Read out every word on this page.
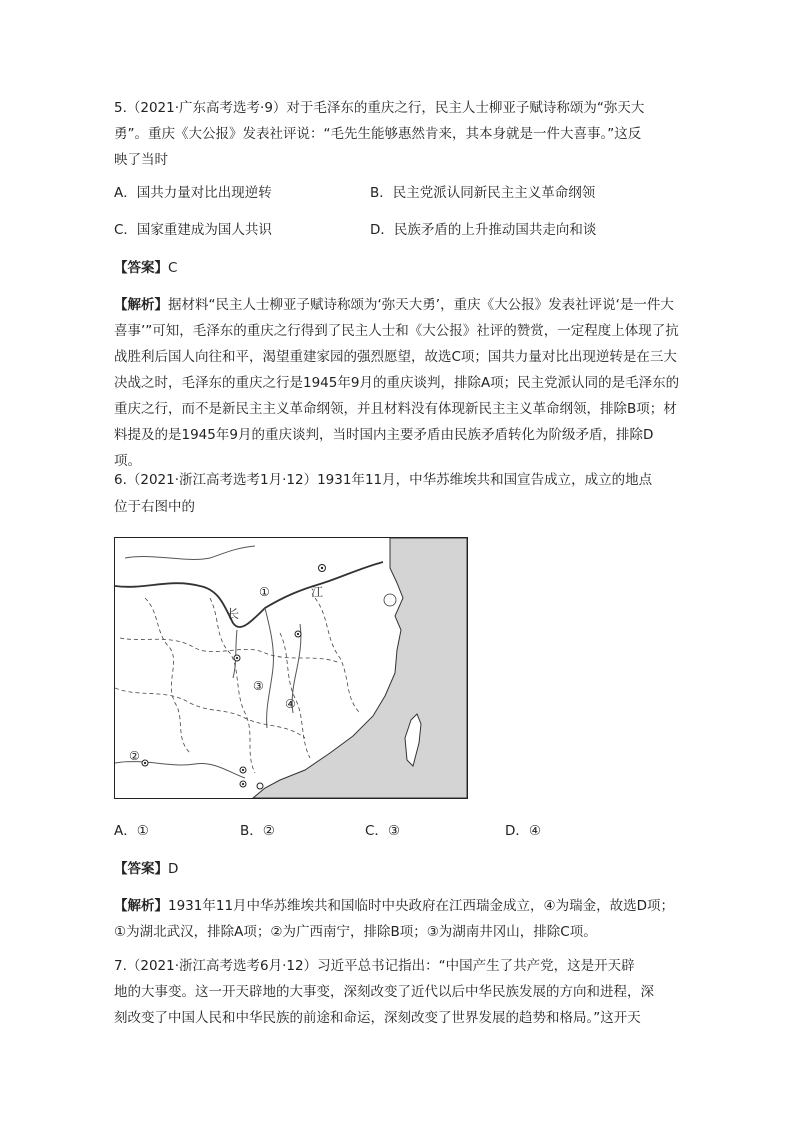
5.（2021·广东高考选考·9）对于毛泽东的重庆之行，民主人士柳亚子赋诗称颂为“弥天大
勇”。重庆《大公报》发表社评说：“毛先生能够惠然肯来，其本身就是一件大喜事。”这反
映了当时
A．国共力量对比出现逆转	B．民主党派认同新民主主义革命纲领
C．国家重建成为国人共识	D．民族矛盾的上升推动国共走向和谈
【答案】C
【解析】据材料“民主人士柳亚子赋诗称颂为‘弥天大勇’，重庆《大公报》发表社评说‘是一件大喜事’”可知，毛泽东的重庆之行得到了民主人士和《大公报》社评的赞赏，一定程度上体现了抗战胜利后国人向往和平，渴望重建家园的强烈愿望，故选C项；国共力量对比出现逆转是在三大决战之时，毛泽东的重庆之行是1945年9月的重庆谈判，排除A项；民主党派认同的是毛泽东的重庆之行，而不是新民主主义革命纲领，并且材料没有体现新民主主义革命纲领，排除B项；材料提及的是1945年9月的重庆谈判，当时国内主要矛盾由民族矛盾转化为阶级矛盾，排除D项。
6.（2021·浙江高考选考1月·12）1931年11月，中华苏维埃共和国宣告成立，成立的地点
位于右图中的
江
长
①
②
③
④
A．①	B．②	C．③	D．④
【答案】D
【解析】1931年11月中华苏维埃共和国临时中央政府在江西瑞金成立，④为瑞金，故选D项；①为湖北武汉，排除A项；②为广西南宁，排除B项；③为湖南井冈山，排除C项。
7.（2021·浙江高考选考6月·12）习近平总书记指出：“中国产生了共产党，这是开天辟
地的大事变。这一开天辟地的大事变，深刻改变了近代以后中华民族发展的方向和进程，深
刻改变了中国人民和中华民族的前途和命运，深刻改变了世界发展的趋势和格局。”这开天
